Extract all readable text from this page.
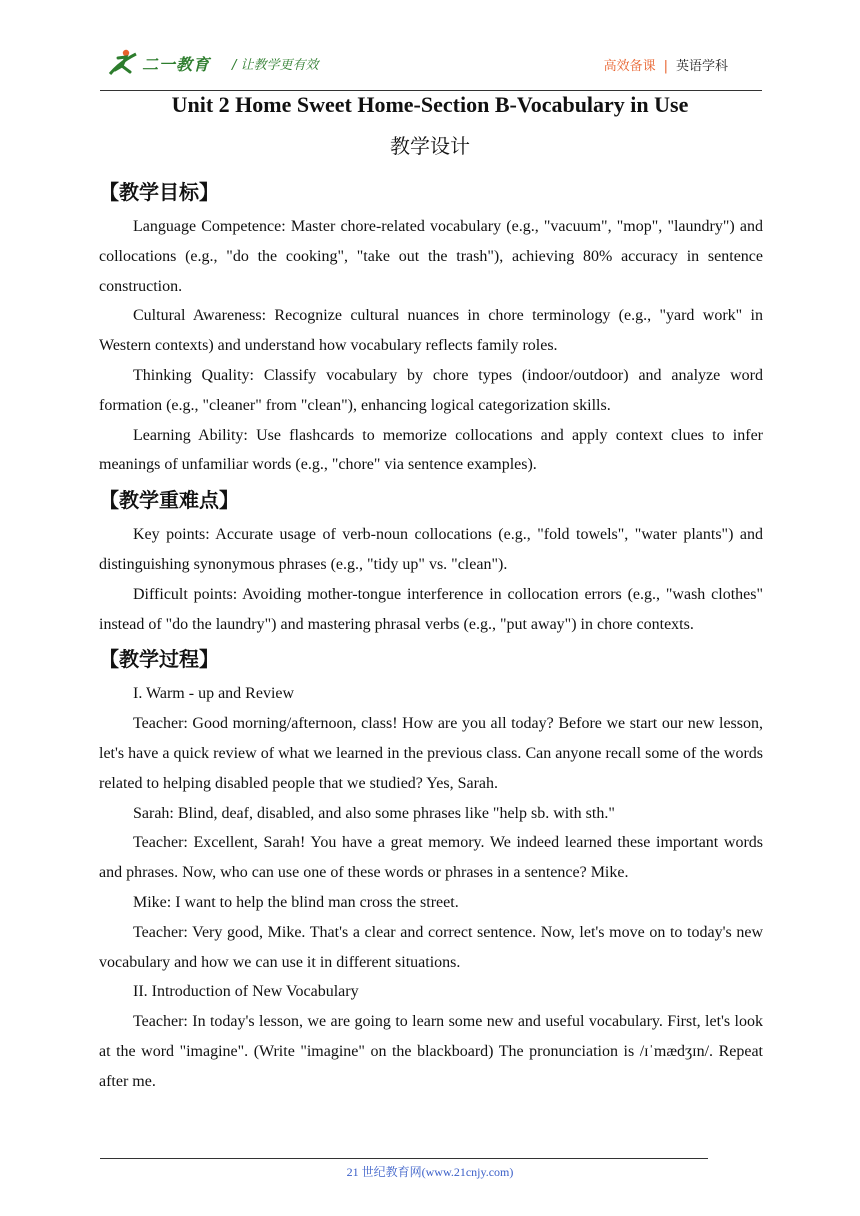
二一教育 / 让教学更有效	高效备课 | 英语学科
Unit 2 Home Sweet Home-Section B-Vocabulary in Use
教学设计
【教学目标】

Language Competence: Master chore-related vocabulary (e.g., "vacuum", "mop", "laundry") and collocations (e.g., "do the cooking", "take out the trash"), achieving 80% accuracy in sentence construction.

Cultural Awareness: Recognize cultural nuances in chore terminology (e.g., "yard work" in Western contexts) and understand how vocabulary reflects family roles.

Thinking Quality: Classify vocabulary by chore types (indoor/outdoor) and analyze word formation (e.g., "cleaner" from "clean"), enhancing logical categorization skills.

Learning Ability: Use flashcards to memorize collocations and apply context clues to infer meanings of unfamiliar words (e.g., "chore" via sentence examples).

【教学重难点】

Key points: Accurate usage of verb-noun collocations (e.g., "fold towels", "water plants") and distinguishing synonymous phrases (e.g., "tidy up" vs. "clean").

Difficult points: Avoiding mother-tongue interference in collocation errors (e.g., "wash clothes" instead of "do the laundry") and mastering phrasal verbs (e.g., "put away") in chore contexts.

【教学过程】

I. Warm - up and Review

Teacher: Good morning/afternoon, class! How are you all today? Before we start our new lesson, let's have a quick review of what we learned in the previous class. Can anyone recall some of the words related to helping disabled people that we studied? Yes, Sarah.

Sarah: Blind, deaf, disabled, and also some phrases like "help sb. with sth."

Teacher: Excellent, Sarah! You have a great memory. We indeed learned these important words and phrases. Now, who can use one of these words or phrases in a sentence? Mike.

Mike: I want to help the blind man cross the street.

Teacher: Very good, Mike. That's a clear and correct sentence. Now, let's move on to today's new vocabulary and how we can use it in different situations.

II. Introduction of New Vocabulary

Teacher: In today's lesson, we are going to learn some new and useful vocabulary. First, let's look at the word "imagine". (Write "imagine" on the blackboard) The pronunciation is /ɪˈmædʒɪn/. Repeat after me.

21 世纪教育网(www.21cnjy.com)
